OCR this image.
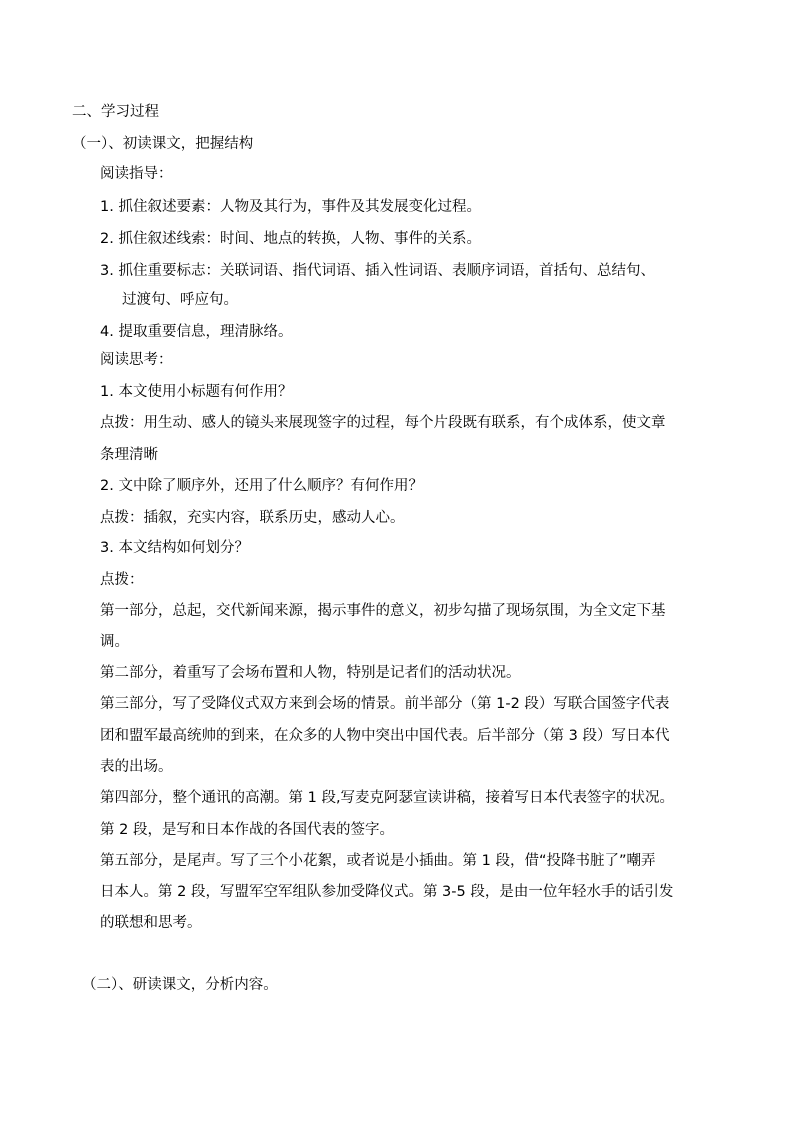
二、学习过程
（一）、初读课文，把握结构
阅读指导：
1. 抓住叙述要素：人物及其行为，事件及其发展变化过程。
2. 抓住叙述线索：时间、地点的转换，人物、事件的关系。
3. 抓住重要标志：关联词语、指代词语、插入性词语、表顺序词语，首括句、总结句、
过渡句、呼应句。
4. 提取重要信息，理清脉络。
阅读思考：
1. 本文使用小标题有何作用？
点拨：用生动、感人的镜头来展现签字的过程，每个片段既有联系，有个成体系，使文章
条理清晰
2. 文中除了顺序外，还用了什么顺序？有何作用？
点拨：插叙，充实内容，联系历史，感动人心。
3. 本文结构如何划分？
点拨：
第一部分，总起，交代新闻来源，揭示事件的意义，初步勾描了现场氛围，为全文定下基
调。
第二部分，着重写了会场布置和人物，特别是记者们的活动状况。
第三部分，写了受降仪式双方来到会场的情景。前半部分（第 1-2 段）写联合国签字代表
团和盟军最高统帅的到来，在众多的人物中突出中国代表。后半部分（第 3 段）写日本代
表的出场。
第四部分，整个通讯的高潮。第 1 段,写麦克阿瑟宣读讲稿，接着写日本代表签字的状况。
第 2 段，是写和日本作战的各国代表的签字。
第五部分，是尾声。写了三个小花絮，或者说是小插曲。第 1 段，借“投降书脏了”嘲弄
日本人。第 2 段，写盟军空军组队参加受降仪式。第 3-5 段，是由一位年轻水手的话引发
的联想和思考。
（二）、研读课文，分析内容。
